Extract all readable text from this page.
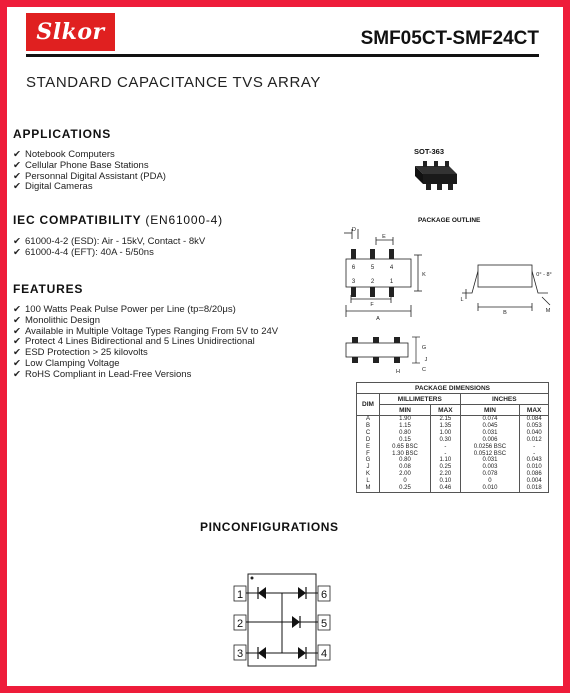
Slkor	SMF05CT-SMF24CT
STANDARD CAPACITANCE TVS ARRAY
APPLICATIONS
✔ Notebook Computers
✔ Cellular Phone Base Stations
✔ Personnal Digital Assistant (PDA)
✔ Digital Cameras
IEC COMPATIBILITY (EN61000-4)
✔ 61000-4-2 (ESD): Air - 15kV, Contact - 8kV
✔ 61000-4-4 (EFT): 40A - 5/50ns
FEATURES
✔ 100 Watts Peak Pulse Power per Line (tp=8/20μs)
✔ Monolithic Design
✔ Available in Multiple Voltage Types Ranging From 5V to 24V
✔ Protect 4 Lines Bidirectional and 5 Lines Unidirectional
✔ ESD Protection > 25 kilovolts
✔ Low Clamping Voltage
✔ RoHS Compliant in Lead-Free Versions
SOT-363
PACKAGE OUTLINE
6	5	4
3	2	1
D
E
K
F
A
B
L
M
0° - 8°
G
C
H
J
PACKAGE DIMENSIONS				
DIM	MILLIMETERS		INCHES	
	MIN	MAX	MIN	MAX
A	1.90	2.15	0.074	0.084
B	1.15	1.35	0.045	0.053
C	0.80	1.00	0.031	0.040
D	0.15	0.30	0.006	0.012
E	0.65 BSC	-	0.0256 BSC	-
F	1.30 BSC	-	0.0512 BSC	-
G	0.80	1.10	0.031	0.043
J	0.08	0.25	0.003	0.010
K	2.00	2.20	0.078	0.086
L	0	0.10	0	0.004
M	0.25	0.46	0.010	0.018
PINCONFIGURATIONS
1
2
3
6
5
4
